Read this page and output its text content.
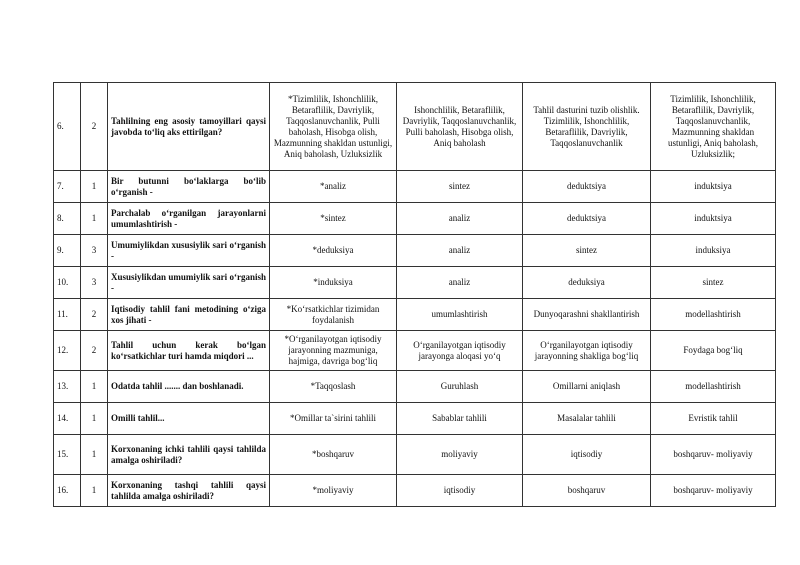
6.	2	Tahlilning eng asosiy tamoyillari qaysi javobda to‘liq aks ettirilgan?	*Tizimlilik, Ishonchlilik, Betaraflilik, Davriylik, Taqqoslanuvchanlik, Pulli baholash, Hisobga olish, Mazmunning shakldan ustunligi, Aniq baholash, Uzluksizlik	Ishonchlilik, Betaraflilik, Davriylik, Taqqoslanuvchanlik, Pulli baholash, Hisobga olish, Aniq baholash	Tahlil dasturini tuzib olishlik. Tizimlilik, Ishonchlilik, Betaraflilik, Davriylik, Taqqoslanuvchanlik	Tizimlilik, Ishonchlilik, Betaraflilik, Davriylik, Taqqoslanuvchanlik, Mazmunning shakldan ustunligi, Aniq baholash, Uzluksizlik;
7.	1	Bir butunni bo‘laklarga bo‘lib o‘rganish -	*analiz	sintez	deduktsiya	induktsiya
8.	1	Parchalab o‘rganilgan jarayonlarni umumlashtirish -	*sintez	analiz	deduktsiya	induktsiya
9.	3	Umumiylikdan xususiylik sari o‘rganish -	*deduksiya	analiz	sintez	induksiya
10.	3	Xususiylikdan umumiylik sari o‘rganish -	*induksiya	analiz	deduksiya	sintez
11.	2	Iqtisodiy tahlil fani metodining o‘ziga xos jihati -	*Ko‘rsatkichlar tizimidan foydalanish	umumlashtirish	Dunyoqarashni shakllantirish	modellashtirish
12.	2	Tahlil uchun kerak bo‘lgan ko‘rsatkichlar turi hamda miqdori ...	*O‘rganilayotgan iqtisodiy jarayonning mazmuniga, hajmiga, davriga bog‘liq	O‘rganilayotgan iqtisodiy jarayonga aloqasi yo‘q	O‘rganilayotgan iqtisodiy jarayonning shakliga bog‘liq	Foydaga bog‘liq
13.	1	Odatda tahlil ....... dan boshlanadi.	*Taqqoslash	Guruhlash	Omillarni aniqlash	modellashtirish
14.	1	Omilli tahlil...	*Omillar ta`sirini tahlili	Sabablar tahlili	Masalalar tahlili	Evristik tahlil
15.	1	Korxonaning ichki tahlili qaysi tahlilda amalga oshiriladi?	*boshqaruv	moliyaviy	iqtisodiy	boshqaruv- moliyaviy
16.	1	Korxonaning tashqi tahlili qaysi tahlilda amalga oshiriladi?	*moliyaviy	iqtisodiy	boshqaruv	boshqaruv- moliyaviy
